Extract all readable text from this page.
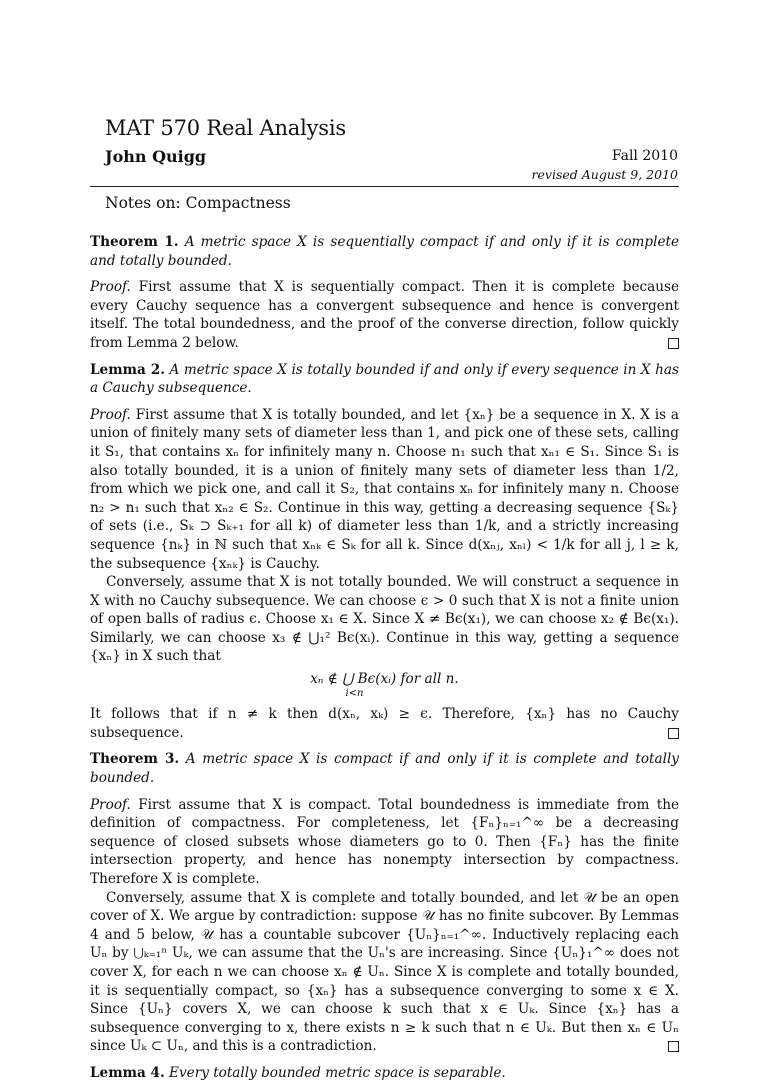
MAT 570 Real Analysis
John Quigg	Fall 2010
revised August 9, 2010
Notes on: Compactness

Theorem 1. A metric space X is sequentially compact if and only if it is complete and totally bounded.

Proof. First assume that X is sequentially compact. Then it is complete because every Cauchy sequence has a convergent subsequence and hence is convergent itself. The total boundedness, and the proof of the converse direction, follow quickly from Lemma 2 below.

Lemma 2. A metric space X is totally bounded if and only if every sequence in X has a Cauchy subsequence.

Proof. First assume that X is totally bounded, and let {xₙ} be a sequence in X. X is a union of finitely many sets of diameter less than 1, and pick one of these sets, calling it S₁, that contains xₙ for infinitely many n. Choose n₁ such that xₙ₁ ∈ S₁. Since S₁ is also totally bounded, it is a union of finitely many sets of diameter less than 1/2, from which we pick one, and call it S₂, that contains xₙ for infinitely many n. Choose n₂ > n₁ such that xₙ₂ ∈ S₂. Continue in this way, getting a decreasing sequence {Sₖ} of sets (i.e., Sₖ ⊃ Sₖ₊₁ for all k) of diameter less than 1/k, and a strictly increasing sequence {nₖ} in ℕ such that xₙₖ ∈ Sₖ for all k. Since d(xₙⱼ, xₙₗ) < 1/k for all j, l ≥ k, the subsequence {xₙₖ} is Cauchy.

Conversely, assume that X is not totally bounded. We will construct a sequence in X with no Cauchy subsequence. We can choose ϵ > 0 such that X is not a finite union of open balls of radius ϵ. Choose x₁ ∈ X. Since X ≠ Bϵ(x₁), we can choose x₂ ∉ Bϵ(x₁). Similarly, we can choose x₃ ∉ ⋃₁² Bϵ(xᵢ). Continue in this way, getting a sequence {xₙ} in X such that

xₙ ∉ ⋃ Bϵ(xᵢ) for all n.
i<n

It follows that if n ≠ k then d(xₙ, xₖ) ≥ ϵ. Therefore, {xₙ} has no Cauchy subsequence.

Theorem 3. A metric space X is compact if and only if it is complete and totally bounded.

Proof. First assume that X is compact. Total boundedness is immediate from the definition of compactness. For completeness, let {Fₙ}ₙ₌₁^∞ be a decreasing sequence of closed subsets whose diameters go to 0. Then {Fₙ} has the finite intersection property, and hence has nonempty intersection by compactness. Therefore X is complete.

Conversely, assume that X is complete and totally bounded, and let 𝒰 be an open cover of X. We argue by contradiction: suppose 𝒰 has no finite subcover. By Lemmas 4 and 5 below, 𝒰 has a countable subcover {Uₙ}ₙ₌₁^∞. Inductively replacing each Uₙ by ⋃ₖ₌₁ⁿ Uₖ, we can assume that the Uₙ's are increasing. Since {Uₙ}₁^∞ does not cover X, for each n we can choose xₙ ∉ Uₙ. Since X is complete and totally bounded, it is sequentially compact, so {xₙ} has a subsequence converging to some x ∈ X. Since {Uₙ} covers X, we can choose k such that x ∈ Uₖ. Since {xₙ} has a subsequence converging to x, there exists n ≥ k such that n ∈ Uₖ. But then xₙ ∈ Uₙ since Uₖ ⊂ Uₙ, and this is a contradiction.

Lemma 4. Every totally bounded metric space is separable.
